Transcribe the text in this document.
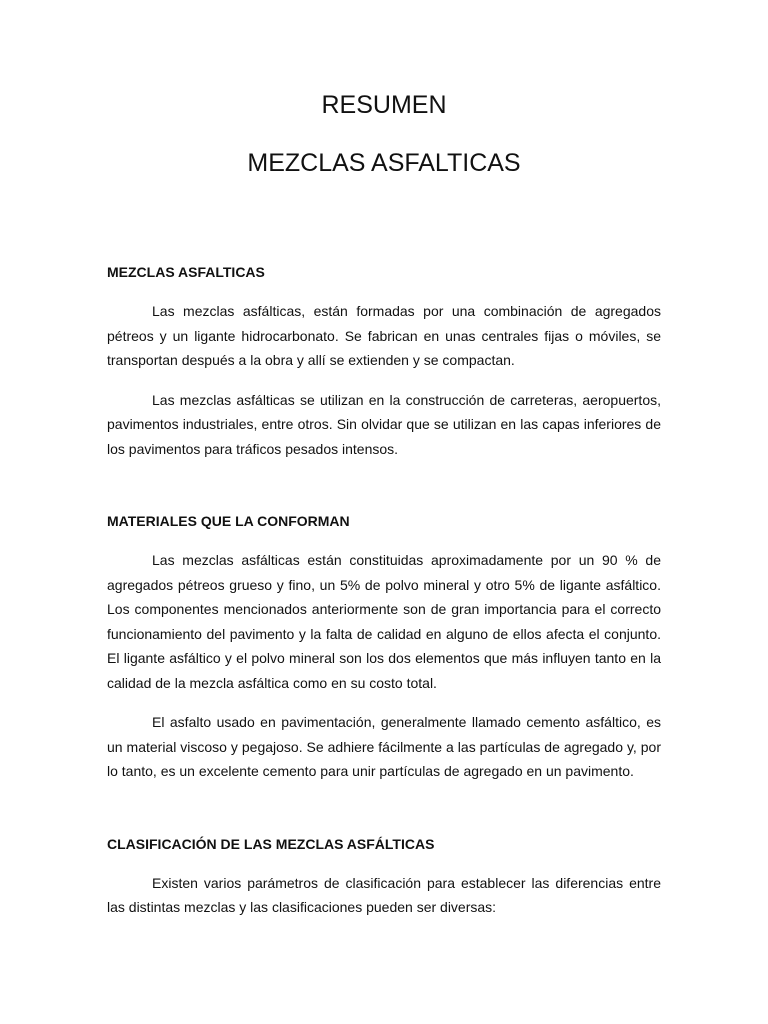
RESUMEN
MEZCLAS ASFALTICAS
MEZCLAS ASFALTICAS

Las mezclas asfálticas, están formadas por una combinación de agregados pétreos y un ligante hidrocarbonato. Se fabrican en unas centrales fijas o móviles, se transportan después a la obra y allí se extienden y se compactan.

Las mezclas asfálticas se utilizan en la construcción de carreteras, aeropuertos, pavimentos industriales, entre otros. Sin olvidar que se utilizan en las capas inferiores de los pavimentos para tráficos pesados intensos.

MATERIALES QUE LA CONFORMAN

Las mezclas asfálticas están constituidas aproximadamente por un 90 % de agregados pétreos grueso y fino, un 5% de polvo mineral y otro 5% de ligante asfáltico. Los componentes mencionados anteriormente son de gran importancia para el correcto funcionamiento del pavimento y la falta de calidad en alguno de ellos afecta el conjunto. El ligante asfáltico y el polvo mineral son los dos elementos que más influyen tanto en la calidad de la mezcla asfáltica como en su costo total.

El asfalto usado en pavimentación, generalmente llamado cemento asfáltico, es un material viscoso y pegajoso. Se adhiere fácilmente a las partículas de agregado y, por lo tanto, es un excelente cemento para unir partículas de agregado en un pavimento.

CLASIFICACIÓN DE LAS MEZCLAS ASFÁLTICAS

Existen varios parámetros de clasificación para establecer las diferencias entre las distintas mezclas y las clasificaciones pueden ser diversas:
